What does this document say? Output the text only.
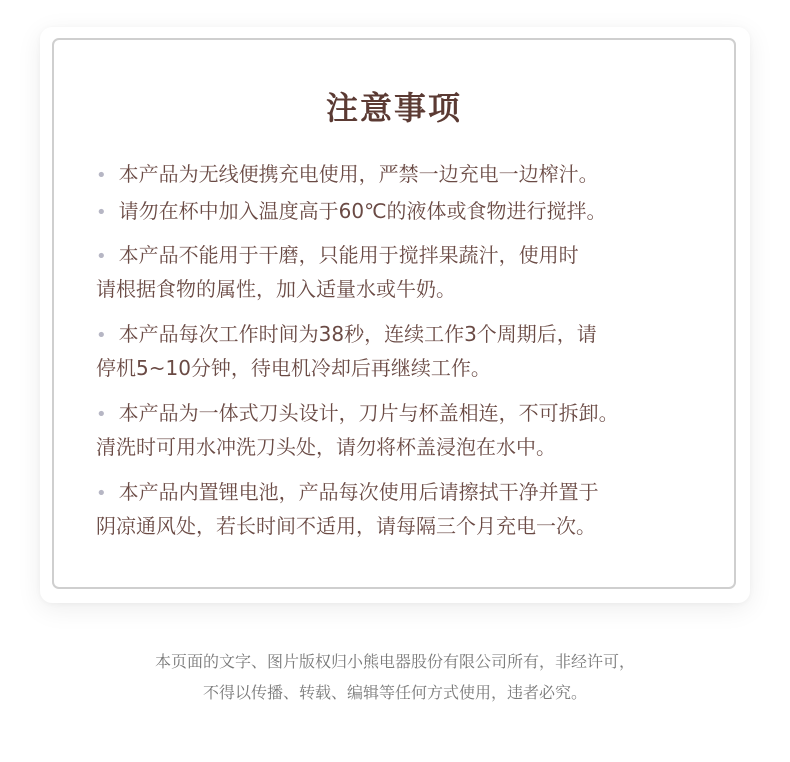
注意事项
• 本产品为无线便携充电使用，严禁一边充电一边榨汁。
• 请勿在杯中加入温度高于60℃的液体或食物进行搅拌。
• 本产品不能用于干磨，只能用于搅拌果蔬汁，使用时
请根据食物的属性，加入适量水或牛奶。
• 本产品每次工作时间为38秒，连续工作3个周期后，请
停机5~10分钟，待电机冷却后再继续工作。
• 本产品为一体式刀头设计，刀片与杯盖相连，不可拆卸。
清洗时可用水冲洗刀头处，请勿将杯盖浸泡在水中。
• 本产品内置锂电池，产品每次使用后请擦拭干净并置于
阴凉通风处，若长时间不适用，请每隔三个月充电一次。
本页面的文字、图片版权归小熊电器股份有限公司所有，非经许可，
不得以传播、转载、编辑等任何方式使用，违者必究。
